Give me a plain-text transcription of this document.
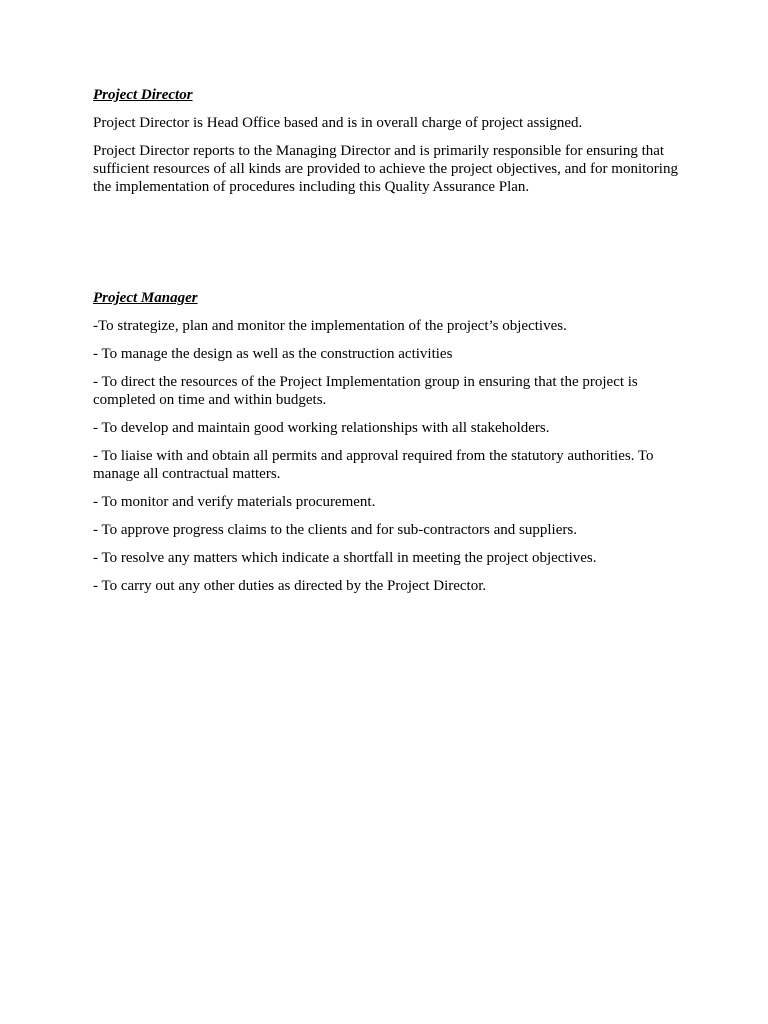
Project Director

Project Director is Head Office based and is in overall charge of project assigned.

Project Director reports to the Managing Director and is primarily responsible for ensuring that sufficient resources of all kinds are provided to achieve the project objectives, and for monitoring the implementation of procedures including this Quality Assurance Plan.

Project Manager

-To strategize, plan and monitor the implementation of the project’s objectives.

- To manage the design as well as the construction activities

- To direct the resources of the Project Implementation group in ensuring that the project is completed on time and within budgets.

- To develop and maintain good working relationships with all stakeholders.

- To liaise with and obtain all permits and approval required from the statutory authorities. To manage all contractual matters.

- To monitor and verify materials procurement.

- To approve progress claims to the clients and for sub-contractors and suppliers.

- To resolve any matters which indicate a shortfall in meeting the project objectives.

- To carry out any other duties as directed by the Project Director.
